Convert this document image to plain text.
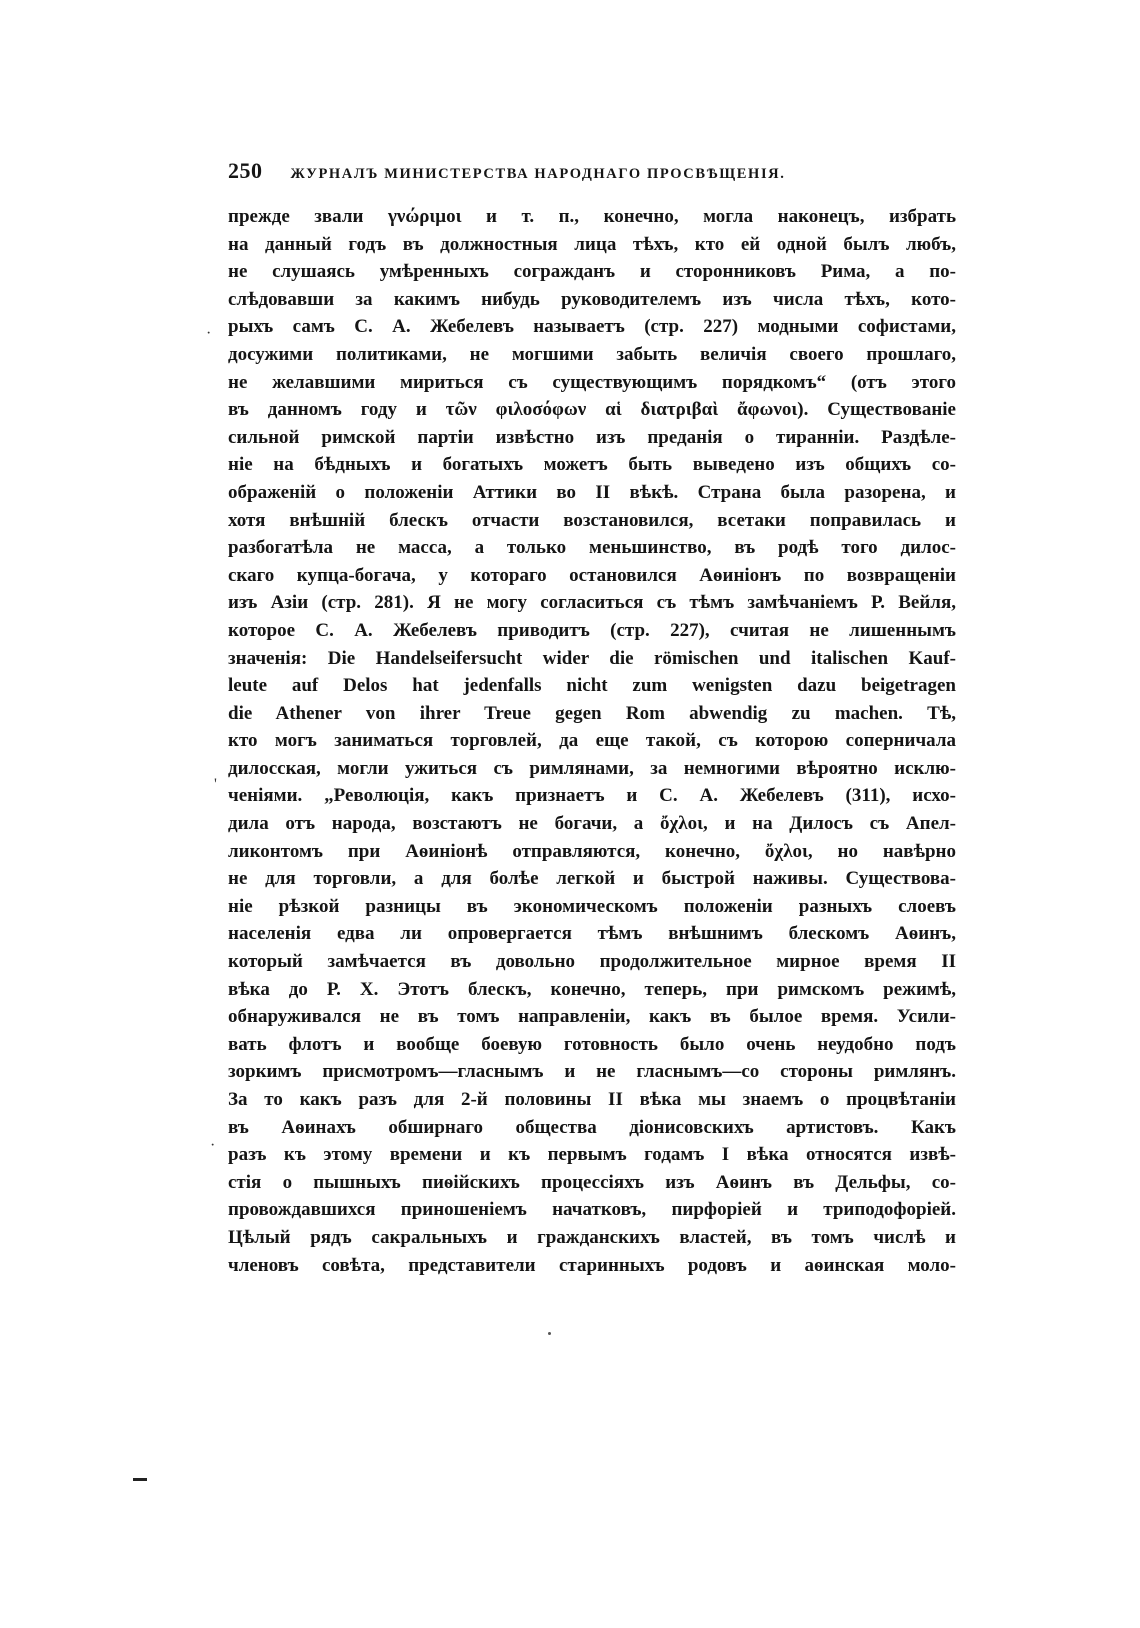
250 ЖУРНАЛЪ МИНИСТЕРСТВА НАРОДНАГО ПРОСВѢЩЕНІЯ.
прежде звали γνώριμοι и т. п., конечно, могла наконецъ, избрать
на данный годъ въ должностныя лица тѣхъ, кто ей одной былъ любъ,
не слушаясь умѣренныхъ согражданъ и сторонниковъ Рима, а по-
слѣдовавши за какимъ нибудь руководителемъ изъ числа тѣхъ, кото-
рыхъ самъ С. А. Жебелевъ называетъ (стр. 227) модными софистами,
досужими политиками, не могшими забыть величія своего прошлаго,
не желавшими мириться съ существующимъ порядкомъ“ (отъ этого
въ данномъ году и τῶν φιλοσόφων αἱ διατριβαὶ ἄφωνοι). Существованіе
сильной римской партіи извѣстно изъ преданія о тиранніи. Раздѣле-
ніе на бѣдныхъ и богатыхъ можетъ быть выведено изъ общихъ со-
ображеній о положеніи Аттики во II вѣкѣ. Страна была разорена, и
хотя внѣшній блескъ отчасти возстановился, всетаки поправилась и
разбогатѣла не масса, а только меньшинство, въ родѣ того дилос-
скаго купца-богача, у котораго остановился Аѳиніонъ по возвращеніи
изъ Азіи (стр. 281). Я не могу согласиться съ тѣмъ замѣчаніемъ Р. Вейля,
которое С. А. Жебелевъ приводитъ (стр. 227), считая не лишеннымъ
значенія: Die Handelseifersucht wider die römischen und italischen Kauf-
leute auf Delos hat jedenfalls nicht zum wenigsten dazu beigetragen
die Athener von ihrer Treue gegen Rom abwendig zu machen. Тѣ,
кто могъ заниматься торговлей, да еще такой, съ которою соперничала
дилосская, могли ужиться съ римлянами, за немногими вѣроятно исклю-
ченіями. „Революція, какъ признаетъ и С. А. Жебелевъ (311), исхо-
дила отъ народа, возстаютъ не богачи, а ὄχλοι, и на Дилосъ съ Апел-
ликонтомъ при Аѳиніонѣ отправляются, конечно, ὄχλοι, но навѣрно
не для торговли, а для болѣе легкой и быстрой наживы. Существова-
ніе рѣзкой разницы въ экономическомъ положеніи разныхъ слоевъ
населенія едва ли опровергается тѣмъ внѣшнимъ блескомъ Аѳинъ,
который замѣчается въ довольно продолжительное мирное время II
вѣка до Р. Х. Этотъ блескъ, конечно, теперь, при римскомъ режимѣ,
обнаруживался не въ томъ направленіи, какъ въ былое время. Усили-
вать флотъ и вообще боевую готовность было очень неудобно подъ
зоркимъ присмотромъ—гласнымъ и не гласнымъ—со стороны римлянъ.
За то какъ разъ для 2-й половины II вѣка мы знаемъ о процвѣтаніи
въ Аѳинахъ обширнаго общества діонисовскихъ артистовъ. Какъ
разъ къ этому времени и къ первымъ годамъ I вѣка относятся извѣ-
стія о пышныхъ пиѳійскихъ процессіяхъ изъ Аѳинъ въ Дельфы, со-
провождавшихся приношеніемъ начатковъ, пирфоріей и триподофоріей.
Цѣлый рядъ сакральныхъ и гражданскихъ властей, въ томъ числѣ и
членовъ совѣта, представители старинныхъ родовъ и аѳинская моло-
·
'
·
